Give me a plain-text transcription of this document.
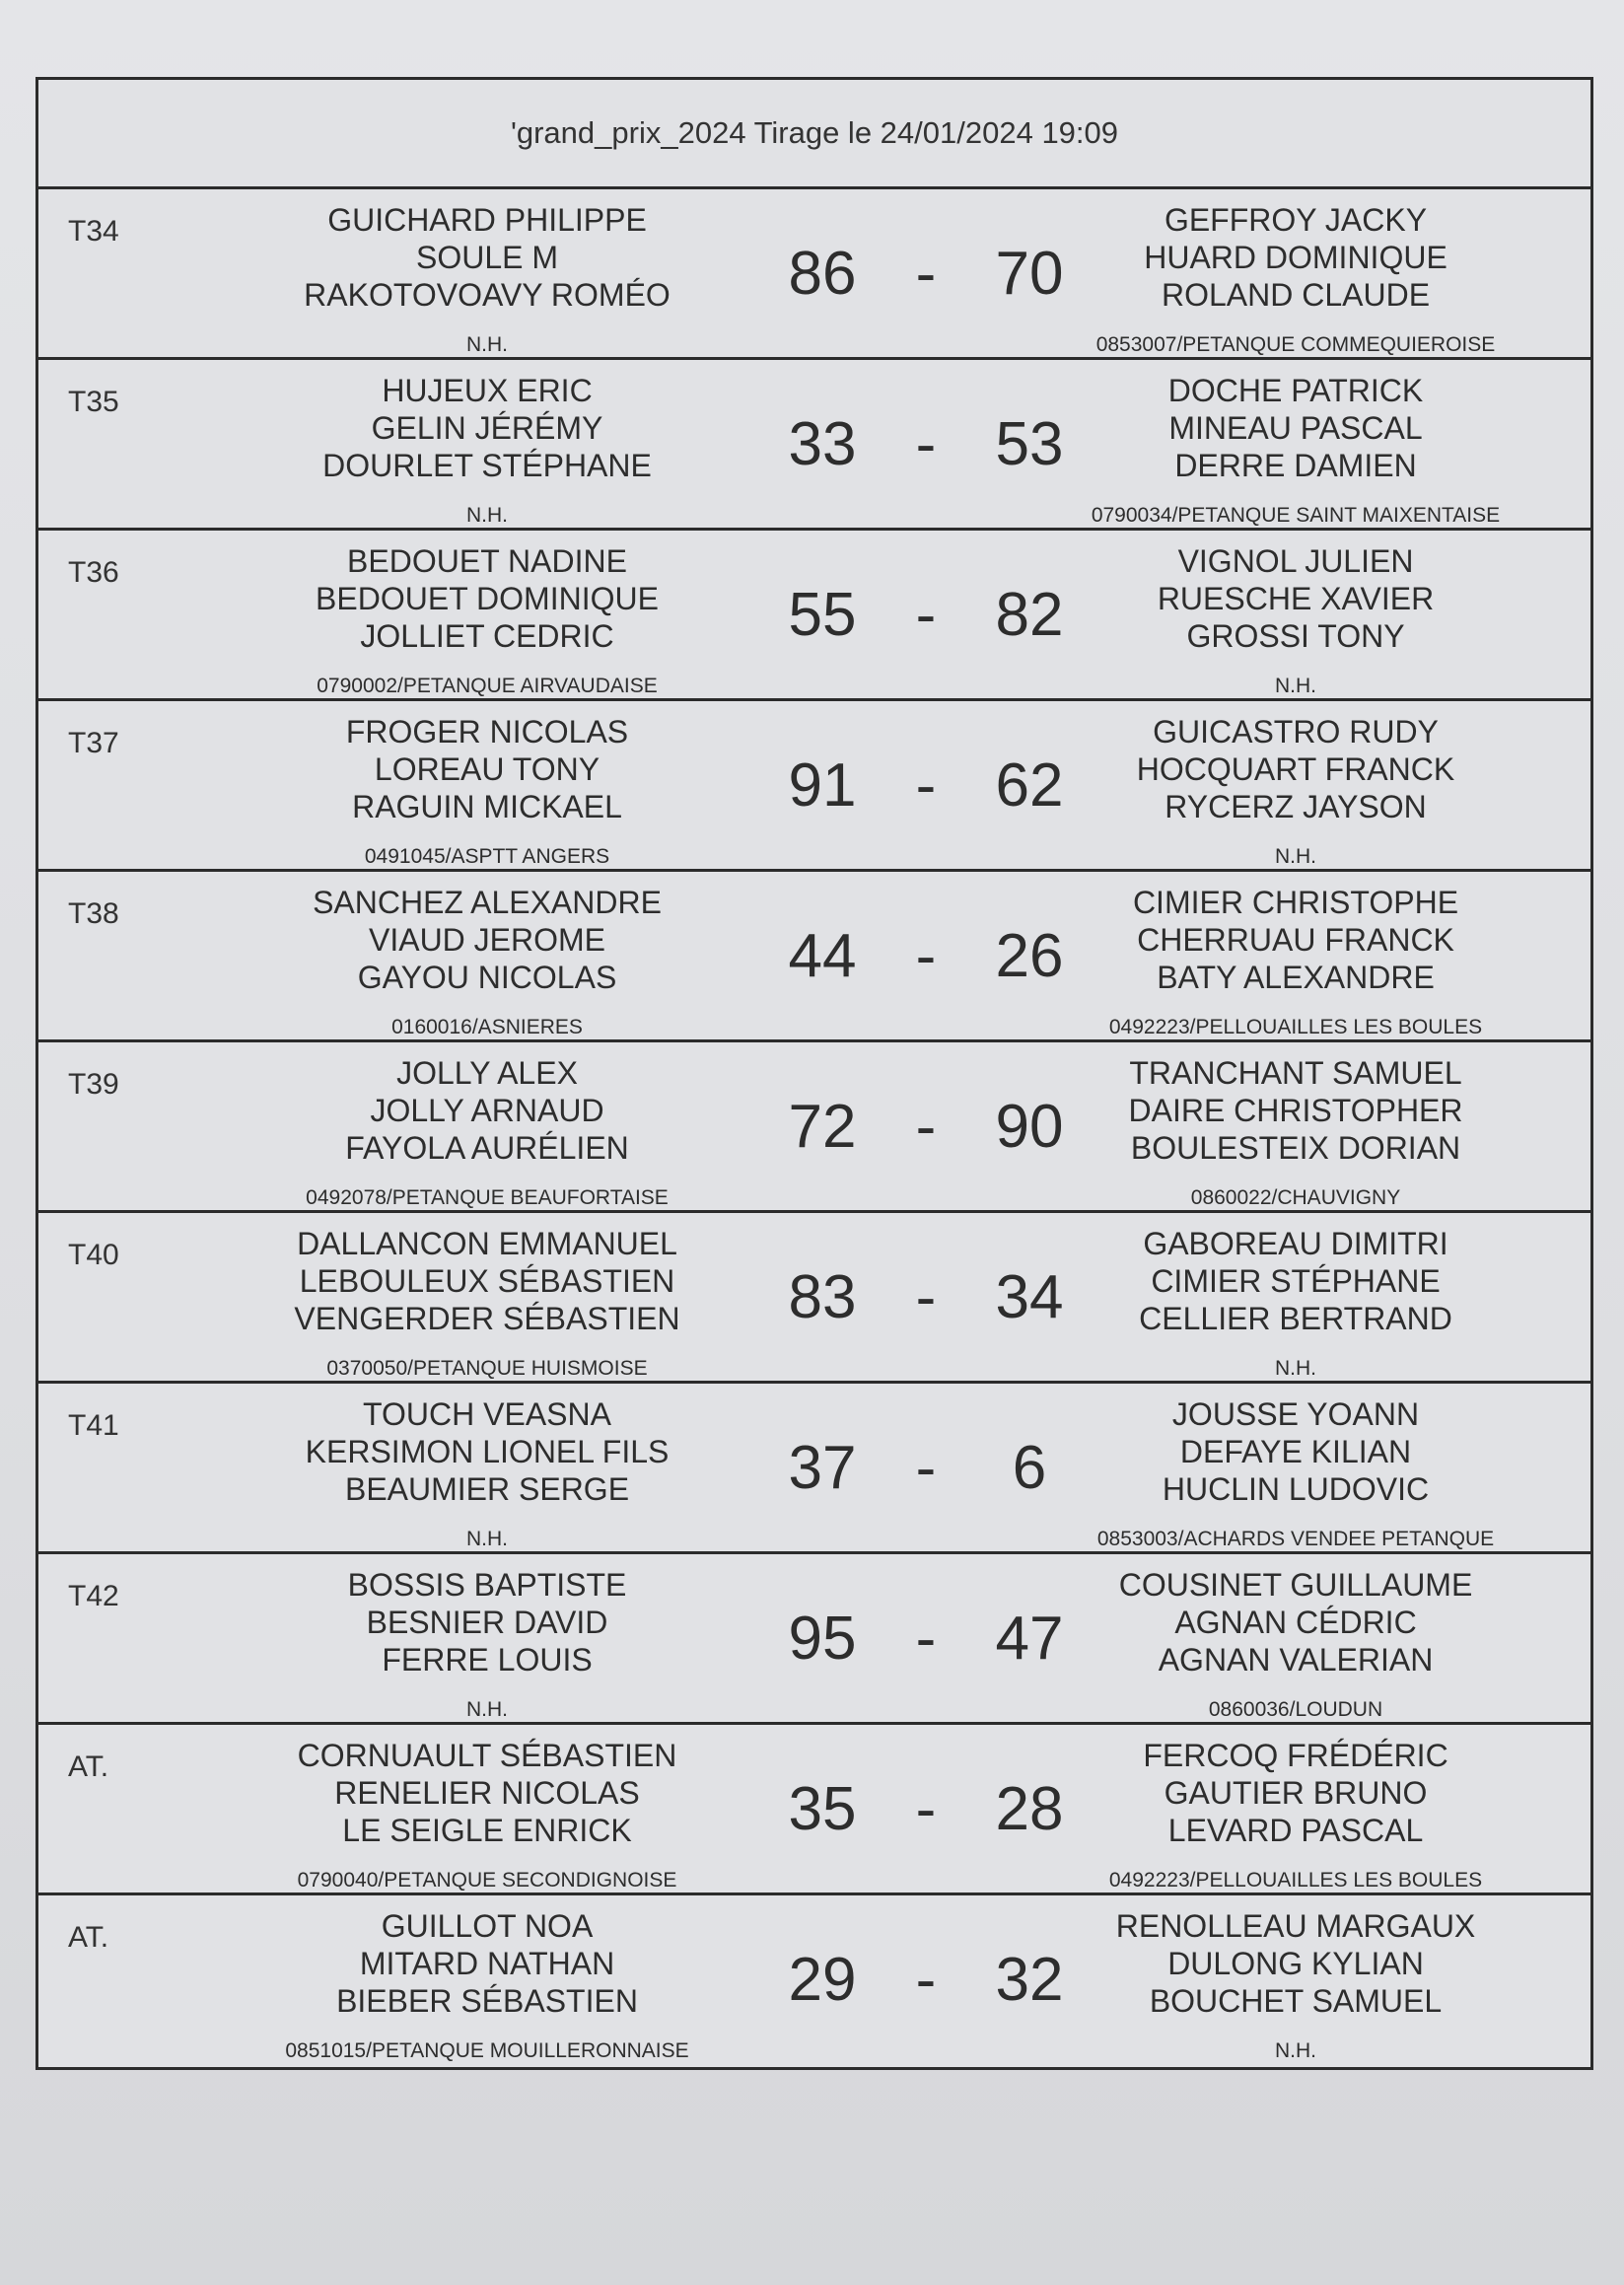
'grand_prix_2024 Tirage le 24/01/2024 19:09
T34	GUICHARD PHILIPPE
SOULE M
RAKOTOVOAVY ROMÉO
N.H.
86 - 70
GEFFROY JACKY
HUARD DOMINIQUE
ROLAND CLAUDE
0853007/PETANQUE COMMEQUIEROISE
T35	HUJEUX ERIC
GELIN JÉRÉMY
DOURLET STÉPHANE
N.H.
33 - 53
DOCHE PATRICK
MINEAU PASCAL
DERRE DAMIEN
0790034/PETANQUE SAINT MAIXENTAISE
T36	BEDOUET NADINE
BEDOUET DOMINIQUE
JOLLIET CEDRIC
0790002/PETANQUE AIRVAUDAISE
55 - 82
VIGNOL JULIEN
RUESCHE XAVIER
GROSSI TONY
N.H.
T37	FROGER NICOLAS
LOREAU TONY
RAGUIN MICKAEL
0491045/ASPTT ANGERS
91 - 62
GUICASTRO RUDY
HOCQUART FRANCK
RYCERZ JAYSON
N.H.
T38	SANCHEZ ALEXANDRE
VIAUD JEROME
GAYOU NICOLAS
0160016/ASNIERES
44 - 26
CIMIER CHRISTOPHE
CHERRUAU FRANCK
BATY ALEXANDRE
0492223/PELLOUAILLES LES BOULES
T39	JOLLY ALEX
JOLLY ARNAUD
FAYOLA AURÉLIEN
0492078/PETANQUE BEAUFORTAISE
72 - 90
TRANCHANT SAMUEL
DAIRE CHRISTOPHER
BOULESTEIX DORIAN
0860022/CHAUVIGNY
T40	DALLANCON EMMANUEL
LEBOULEUX SÉBASTIEN
VENGERDER SÉBASTIEN
0370050/PETANQUE HUISMOISE
83 - 34
GABOREAU DIMITRI
CIMIER STÉPHANE
CELLIER BERTRAND
N.H.
T41	TOUCH VEASNA
KERSIMON LIONEL FILS
BEAUMIER SERGE
N.H.
37 -	6
JOUSSE YOANN
DEFAYE KILIAN
HUCLIN LUDOVIC
0853003/ACHARDS VENDEE PETANQUE
T42	BOSSIS BAPTISTE
BESNIER DAVID
FERRE LOUIS
N.H.
95 - 47
COUSINET GUILLAUME
AGNAN CÉDRIC
AGNAN VALERIAN
0860036/LOUDUN
AT.	CORNUAULT SÉBASTIEN
RENELIER NICOLAS
LE SEIGLE ENRICK
0790040/PETANQUE SECONDIGNOISE
35 - 28
FERCOQ FRÉDÉRIC
GAUTIER BRUNO
LEVARD PASCAL
0492223/PELLOUAILLES LES BOULES
AT.	GUILLOT NOA
MITARD NATHAN
BIEBER SÉBASTIEN
0851015/PETANQUE MOUILLERONNAISE
29 - 32
RENOLLEAU MARGAUX
DULONG KYLIAN
BOUCHET SAMUEL
N.H.
